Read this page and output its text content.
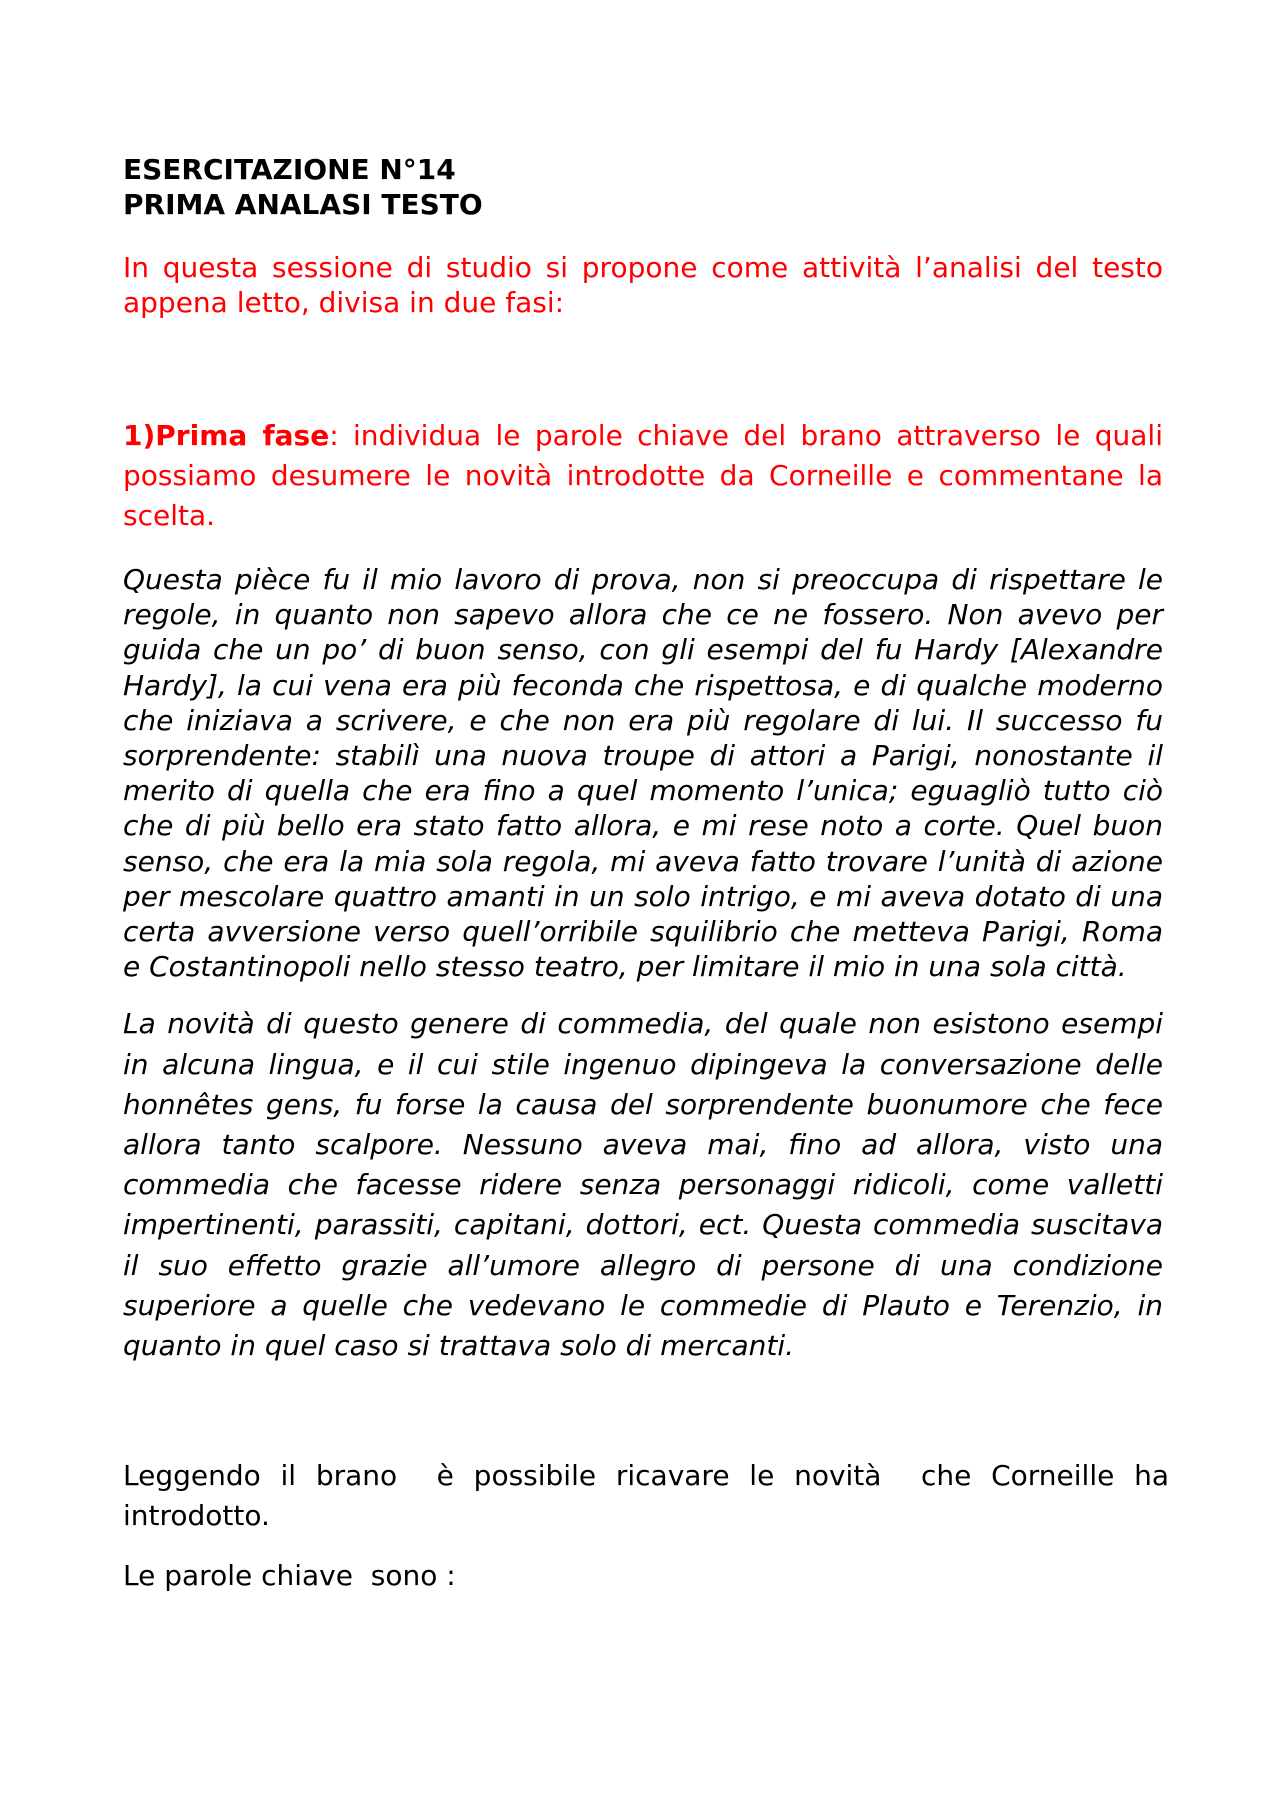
ESERCITAZIONE N°14
PRIMA ANALASI TESTO

In questa sessione di studio si propone come attività l’analisi del testo appena letto, divisa in due fasi:

1)Prima fase: individua le parole chiave del brano attraverso le quali possiamo desumere le novità introdotte da Corneille e commentane la scelta.

Questa pièce fu il mio lavoro di prova, non si preoccupa di rispettare le regole, in quanto non sapevo allora che ce ne fossero. Non avevo per guida che un po’ di buon senso, con gli esempi del fu Hardy [Alexandre Hardy], la cui vena era più feconda che rispettosa, e di qualche moderno che iniziava a scrivere, e che non era più regolare di lui. Il successo fu sorprendente: stabilì una nuova troupe di attori a Parigi, nonostante il merito di quella che era fino a quel momento l’unica; eguagliò tutto ciò che di più bello era stato fatto allora, e mi rese noto a corte. Quel buon senso, che era la mia sola regola, mi aveva fatto trovare l’unità di azione per mescolare quattro amanti in un solo intrigo, e mi aveva dotato di una certa avversione verso quell’orribile squilibrio che metteva Parigi, Roma e Costantinopoli nello stesso teatro, per limitare il mio in una sola città.

La novità di questo genere di commedia, del quale non esistono esempi in alcuna lingua, e il cui stile ingenuo dipingeva la conversazione delle honnêtes gens, fu forse la causa del sorprendente buonumore che fece allora tanto scalpore. Nessuno aveva mai, fino ad allora, visto una commedia che facesse ridere senza personaggi ridicoli, come valletti impertinenti, parassiti, capitani, dottori, ect. Questa commedia suscitava il suo effetto grazie all’umore allegro di persone di una condizione superiore a quelle che vedevano le commedie di Plauto e Terenzio, in quanto in quel caso si trattava solo di mercanti.

Leggendo il brano  è possibile ricavare le novità  che Corneille ha introdotto.

Le parole chiave  sono :
